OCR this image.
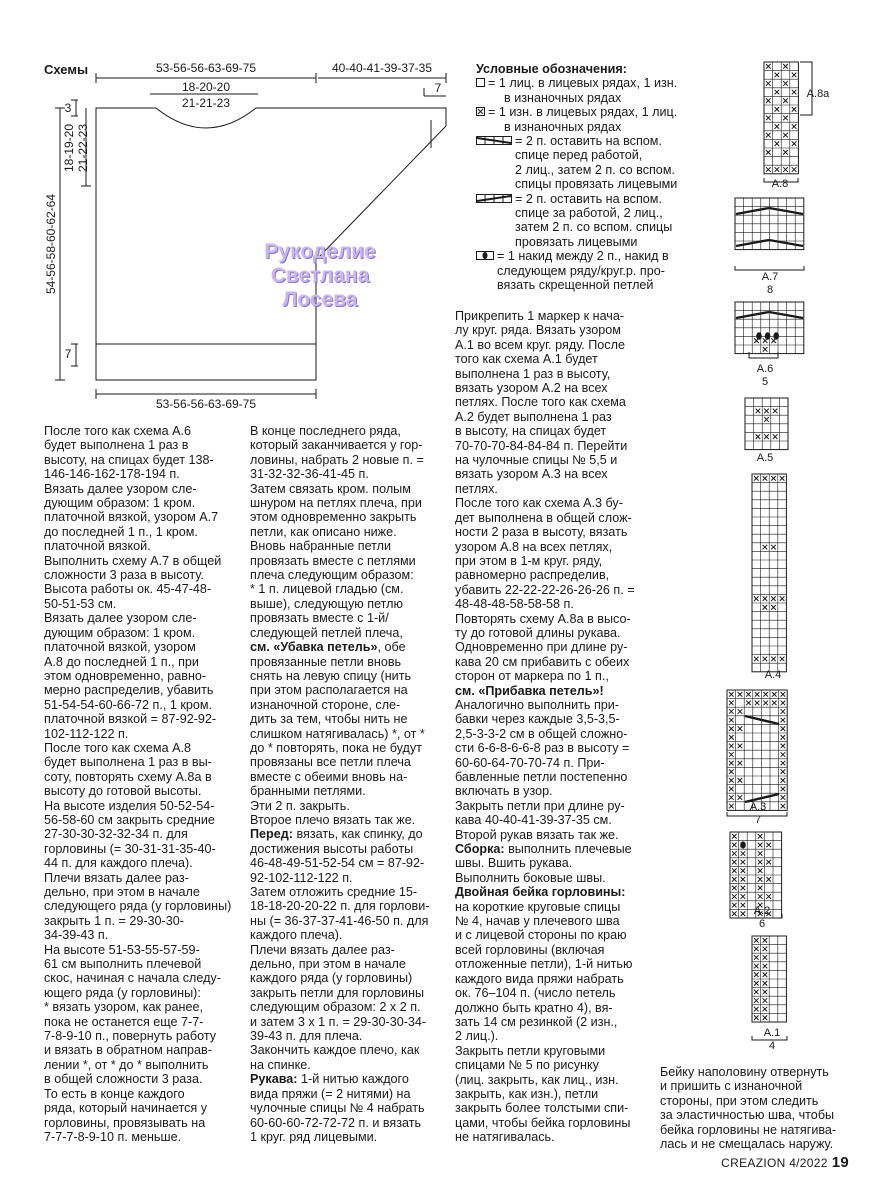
Схемы	53-56-56-63-69-75	40-40-41-39-37-35
18-20-20
21-21-23
7
3
7
53-56-56-63-69-75
54-56-58-60-62-64
18-19-20 21-22-23
Рукоделие
Светлана
Лосева
Условные обозначения:
= 1 лиц. в лицевых рядах, 1 изн.
в изнаночных рядах
= 1 изн. в лицевых рядах, 1 лиц.
в изнаночных рядах
= 2 п. оставить на вспом.
спице перед работой,
2 лиц., затем 2 п. со вспом.
спицы провязать лицевыми
= 2 п. оставить на вспом.
спице за работой, 2 лиц.,
затем 2 п. со вспом. спицы
провязать лицевыми
= 1 накид между 2 п., накид в
следующем ряду/круг.р. про-
вязать скрещенной петлей

После того как схема А.6

будет выполнена 1 раз в

высоту, на спицах будет 138-

146-146-162-178-194 п.

Вязать далее узором сле-

дующим образом: 1 кром.

платочной вязкой, узором А.7

до последней 1 п., 1 кром.

платочной вязкой.

Выполнить схему А.7 в общей

сложности 3 раза в высоту.

Высота работы ок. 45-47-48-

50-51-53 см.

Вязать далее узором сле-

дующим образом: 1 кром.

платочной вязкой, узором

А.8 до последней 1 п., при

этом одновременно, равно-

мерно распределив, убавить

51-54-54-60-66-72 п., 1 кром.

платочной вязкой = 87-92-92-

102-112-122 п.

После того как схема А.8

будет выполнена 1 раз в вы-

соту, повторять схему А.8а в

высоту до готовой высоты.

На высоте изделия 50-52-54-

56-58-60 см закрыть средние

27-30-30-32-32-34 п. для

горловины (= 30-31-31-35-40-

44 п. для каждого плеча).

Плечи вязать далее раз-

дельно, при этом в начале

следующего ряда (у горловины)

закрыть 1 п. = 29-30-30-

34-39-43 п.

На высоте 51-53-55-57-59-

61 см выполнить плечевой

скос, начиная с начала следу-

ющего ряда (у горловины):

* вязать узором, как ранее,

пока не останется еще 7-7-

7-8-9-10 п., повернуть работу

и вязать в обратном направ-

лении *, от * до * выполнить

в общей сложности 3 раза.

То есть в конце каждого

ряда, который начинается у

горловины, провязывать на

7-7-7-8-9-10 п. меньше.

В конце последнего ряда,

который заканчивается у гор-

ловины, набрать 2 новые п. =

31-32-32-36-41-45 п.

Затем связать кром. полым

шнуром на петлях плеча, при

этом одновременно закрыть

петли, как описано ниже.

Вновь набранные петли

провязать вместе с петлями

плеча следующим образом:

* 1 п. лицевой гладью (см.

выше), следующую петлю

провязать вместе с 1-й/

следующей петлей плеча,

см. «Убавка петель», обе

провязанные петли вновь

снять на левую спицу (нить

при этом располагается на

изнаночной стороне, сле-

дить за тем, чтобы нить не

слишком натягивалась) *, от *

до * повторять, пока не будут

провязаны все петли плеча

вместе с обеими вновь на-

бранными петлями.

Эти 2 п. закрыть.

Второе плечо вязать так же.

Перед: вязать, как спинку, до

достижения высоты работы

46-48-49-51-52-54 см = 87-92-

92-102-112-122 п.

Затем отложить средние 15-

18-18-20-20-22 п. для горлови-

ны (= 36-37-37-41-46-50 п. для

каждого плеча).

Плечи вязать далее раз-

дельно, при этом в начале

каждого ряда (у горловины)

закрыть петли для горловины

следующим образом: 2 х 2 п.

и затем 3 х 1 п. = 29-30-30-34-

39-43 п. для плеча.

Закончить каждое плечо, как

на спинке.

Рукава: 1-й нитью каждого

вида пряжи (= 2 нитями) на

чулочные спицы № 4 набрать

60-60-60-72-72-72 п. и вязать

1 круг. ряд лицевыми.

Прикрепить 1 маркер к нача-

лу круг. ряда. Вязать узором

А.1 во всем круг. ряду. После

того как схема А.1 будет

выполнена 1 раз в высоту,

вязать узором А.2 на всех

петлях. После того как схема

А.2 будет выполнена 1 раз

в высоту, на спицах будет

70-70-70-84-84-84 п. Перейти

на чулочные спицы № 5,5 и

вязать узором А.3 на всех

петлях.

После того как схема А.3 бу-

дет выполнена в общей слож-

ности 2 раза в высоту, вязать

узором А.8 на всех петлях,

при этом в 1-м круг. ряду,

равномерно распределив,

убавить 22-22-22-26-26-26 п. =

48-48-48-58-58-58 п.

Повторять схему А.8а в высо-

ту до готовой длины рукава.

Одновременно при длине ру-

кава 20 см прибавить с обеих

сторон от маркера по 1 п.,

см. «Прибавка петель»!

Аналогично выполнить при-

бавки через каждые 3,5-3,5-

2,5-3-3-2 см в общей сложно-

сти 6-6-8-6-6-8 раз в высоту =

60-60-64-70-70-74 п. При-

бавленные петли постепенно

включать в узор.

Закрыть петли при длине ру-

кава 40-40-41-39-37-35 см.

Второй рукав вязать так же.

Сборка: выполнить плечевые

швы. Вшить рукава.

Выполнить боковые швы.

Двойная бейка горловины:

на короткие круговые спицы

№ 4, начав у плечевого шва

и с лицевой стороны по краю

всей горловины (включая

отложенные петли), 1-й нитью

каждого вида пряжи набрать

ок. 76–104 п. (число петель

должно быть кратно 4), вя-

зать 14 см резинкой (2 изн.,

2 лиц.).

Закрыть петли круговыми

спицами № 5 по рисунку

(лиц. закрыть, как лиц., изн.

закрыть, как изн.), петли

закрыть более толстыми спи-

цами, чтобы бейка горловины

не натягивалась.

Бейку наполовину отвернуть

и пришить с изнаночной

стороны, при этом следить

за эластичностью шва, чтобы

бейка горловины не натягива-

лась и не смещалась наружу.

А.8а
А.8
А.7
8
А.6
5
А.5
А.4
А.3
7
А.2
6
А.1
4
CREAZION 4/2022 19
